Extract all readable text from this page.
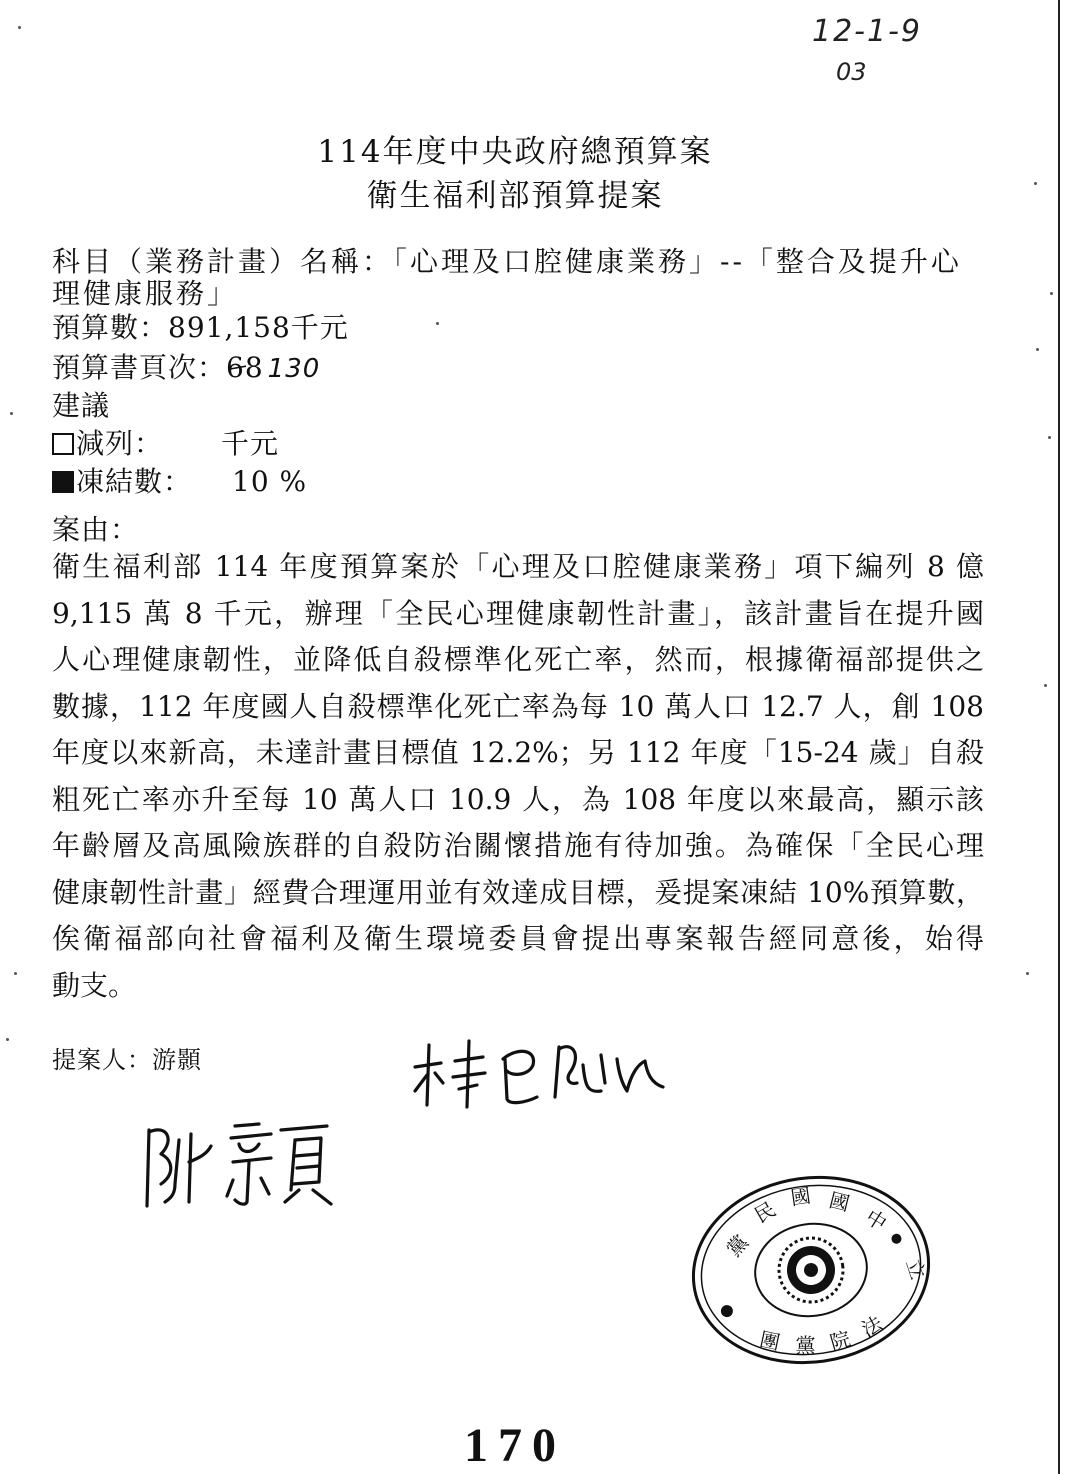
12-1-9
03
114年度中央政府總預算案
衛生福利部預算提案
科目（業務計畫）名稱：「心理及口腔健康業務」--「整合及提升心
理健康服務」
預算數：891,158千元
預算書頁次：68 130
建議
減列： 千元
凍結數： 10 %
案由：
衛生福利部 114 年度預算案於「心理及口腔健康業務」項下編列 8 億
9,115 萬 8 千元，辦理「全民心理健康韌性計畫」，該計畫旨在提升國
人心理健康韌性，並降低自殺標準化死亡率，然而，根據衛福部提供之
數據，112 年度國人自殺標準化死亡率為每 10 萬人口 12.7 人，創 108
年度以來新高，未達計畫目標值 12.2%；另 112 年度「15-24 歲」自殺
粗死亡率亦升至每 10 萬人口 10.9 人，為 108 年度以來最高，顯示該
年齡層及高風險族群的自殺防治關懷措施有待加強。為確保「全民心理
健康韌性計畫」經費合理運用並有效達成目標，爰提案凍結 10%預算數，
俟衛福部向社會福利及衛生環境委員會提出專案報告經同意後，始得
動支。
提案人：游顥
黨
民
國 國
中
立
法
院
黨
團
170
